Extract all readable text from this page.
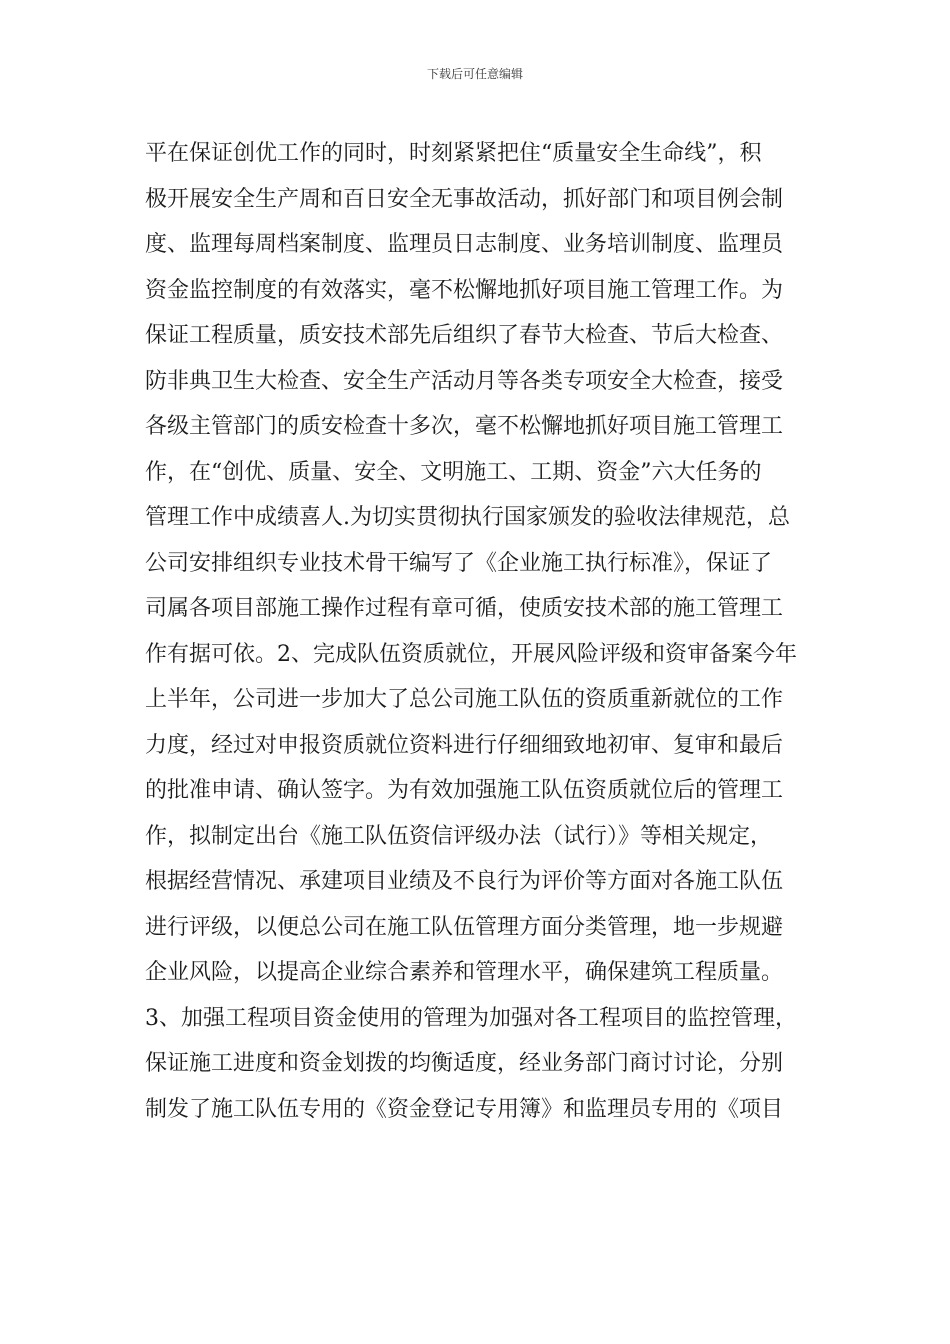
下载后可任意编辑
平在保证创优工作的同时，时刻紧紧把住“质量安全生命线”，积
极开展安全生产周和百日安全无事故活动，抓好部门和项目例会制
度、监理每周档案制度、监理员日志制度、业务培训制度、监理员
资金监控制度的有效落实，毫不松懈地抓好项目施工管理工作。为
保证工程质量，质安技术部先后组织了春节大检查、节后大检查、
防非典卫生大检查、安全生产活动月等各类专项安全大检查，接受
各级主管部门的质安检查十多次，毫不松懈地抓好项目施工管理工
作，在“创优、质量、安全、文明施工、工期、资金”六大任务的
管理工作中成绩喜人.为切实贯彻执行国家颁发的验收法律规范，总
公司安排组织专业技术骨干编写了《企业施工执行标准》，保证了
司属各项目部施工操作过程有章可循，使质安技术部的施工管理工
作有据可依。2、完成队伍资质就位，开展风险评级和资审备案今年
上半年，公司进一步加大了总公司施工队伍的资质重新就位的工作
力度，经过对申报资质就位资料进行仔细细致地初审、复审和最后
的批准申请、确认签字。为有效加强施工队伍资质就位后的管理工
作，拟制定出台《施工队伍资信评级办法（试行）》等相关规定，
根据经营情况、承建项目业绩及不良行为评价等方面对各施工队伍
进行评级，以便总公司在施工队伍管理方面分类管理，地一步规避
企业风险，以提高企业综合素养和管理水平，确保建筑工程质量。
3、加强工程项目资金使用的管理为加强对各工程项目的监控管理，
保证施工进度和资金划拨的均衡适度，经业务部门商讨讨论，分别
制发了施工队伍专用的《资金登记专用簿》和监理员专用的《项目
